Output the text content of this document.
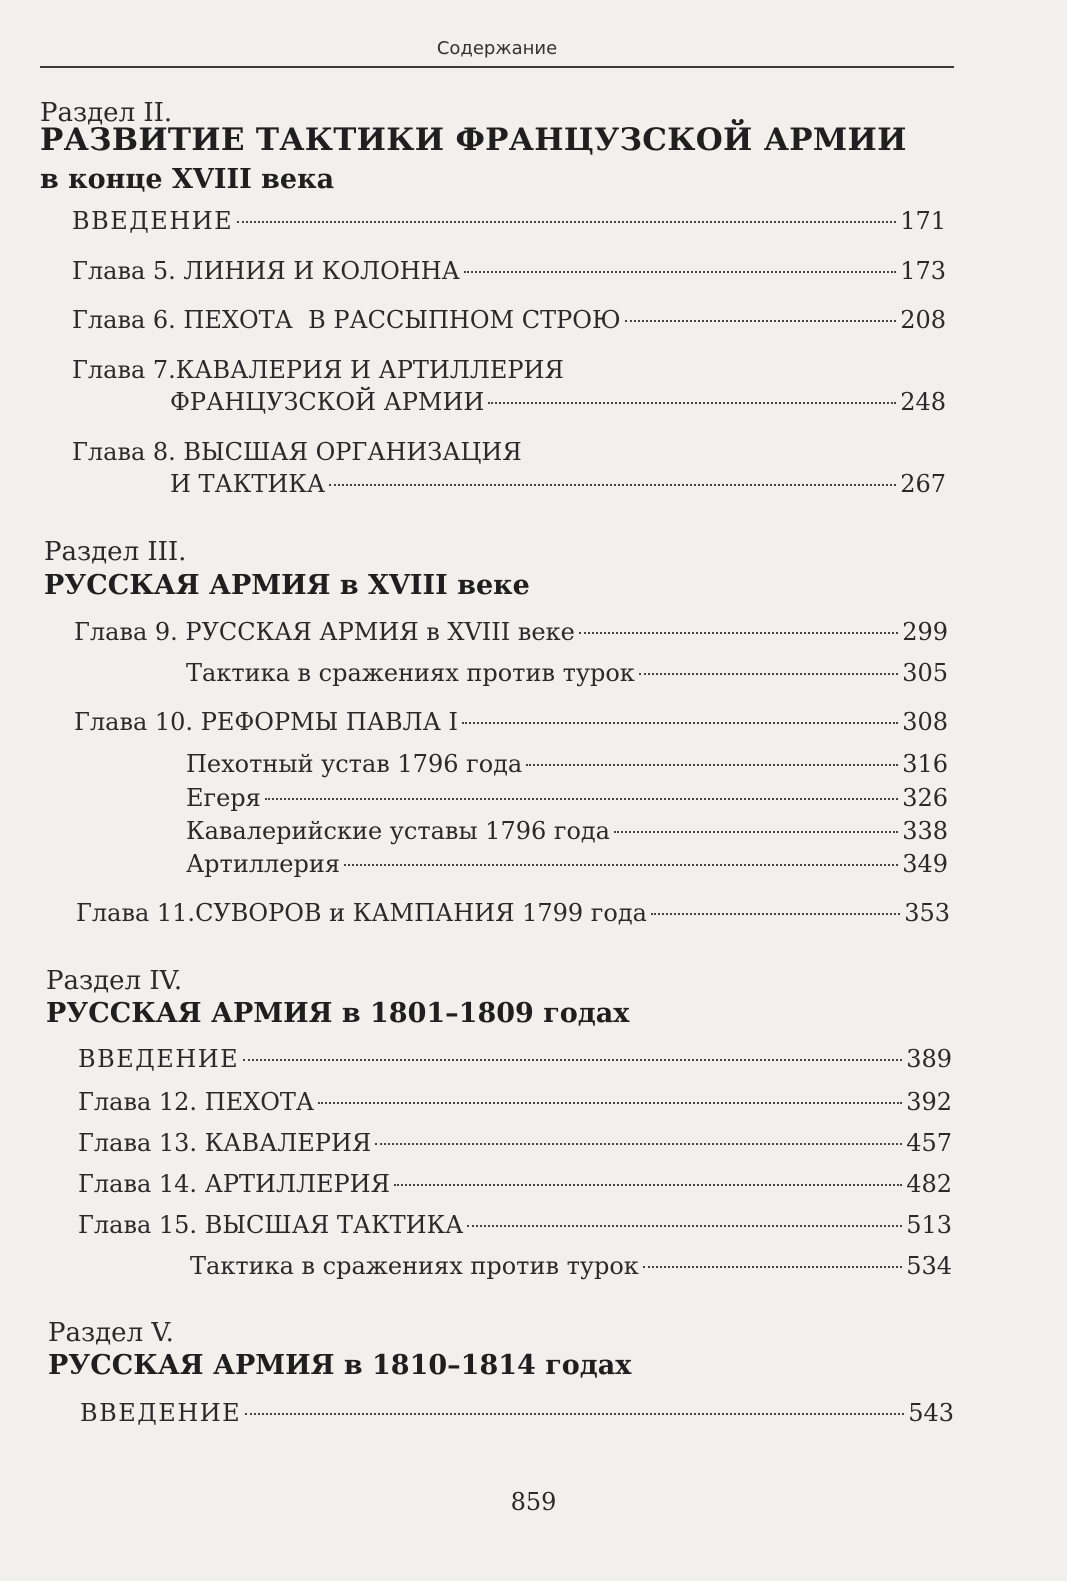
Содержание
Раздел II.
РАЗВИТИЕ ТАКТИКИ ФРАНЦУЗСКОЙ АРМИИ
в конце XVIII века
ВВЕДЕНИЕ	171
Глава 5. ЛИНИЯ И КОЛОННА	173
Глава 6. ПЕХОТА  В РАССЫПНОМ СТРОЮ	208
Глава 7.КАВАЛЕРИЯ И АРТИЛЛЕРИЯ
ФРАНЦУЗСКОЙ АРМИИ	248
Глава 8. ВЫСШАЯ ОРГАНИЗАЦИЯ
И ТАКТИКА	267
Раздел III.
РУССКАЯ АРМИЯ в XVIII веке
Глава 9. РУССКАЯ АРМИЯ в XVIII веке	299
Тактика в сражениях против турок	305
Глава 10. РЕФОРМЫ ПАВЛА I	308
Пехотный устав 1796 года	316
Егеря	326
Кавалерийские уставы 1796 года	338
Артиллерия	349
Глава 11.СУВОРОВ и КАМПАНИЯ 1799 года	353
Раздел IV.
РУССКАЯ АРМИЯ в 1801–1809 годах
ВВЕДЕНИЕ	389
Глава 12. ПЕХОТА	392
Глава 13. КАВАЛЕРИЯ	457
Глава 14. АРТИЛЛЕРИЯ	482
Глава 15. ВЫСШАЯ ТАКТИКА	513
Тактика в сражениях против турок	534
Раздел V.
РУССКАЯ АРМИЯ в 1810–1814 годах
ВВЕДЕНИЕ	543
859
